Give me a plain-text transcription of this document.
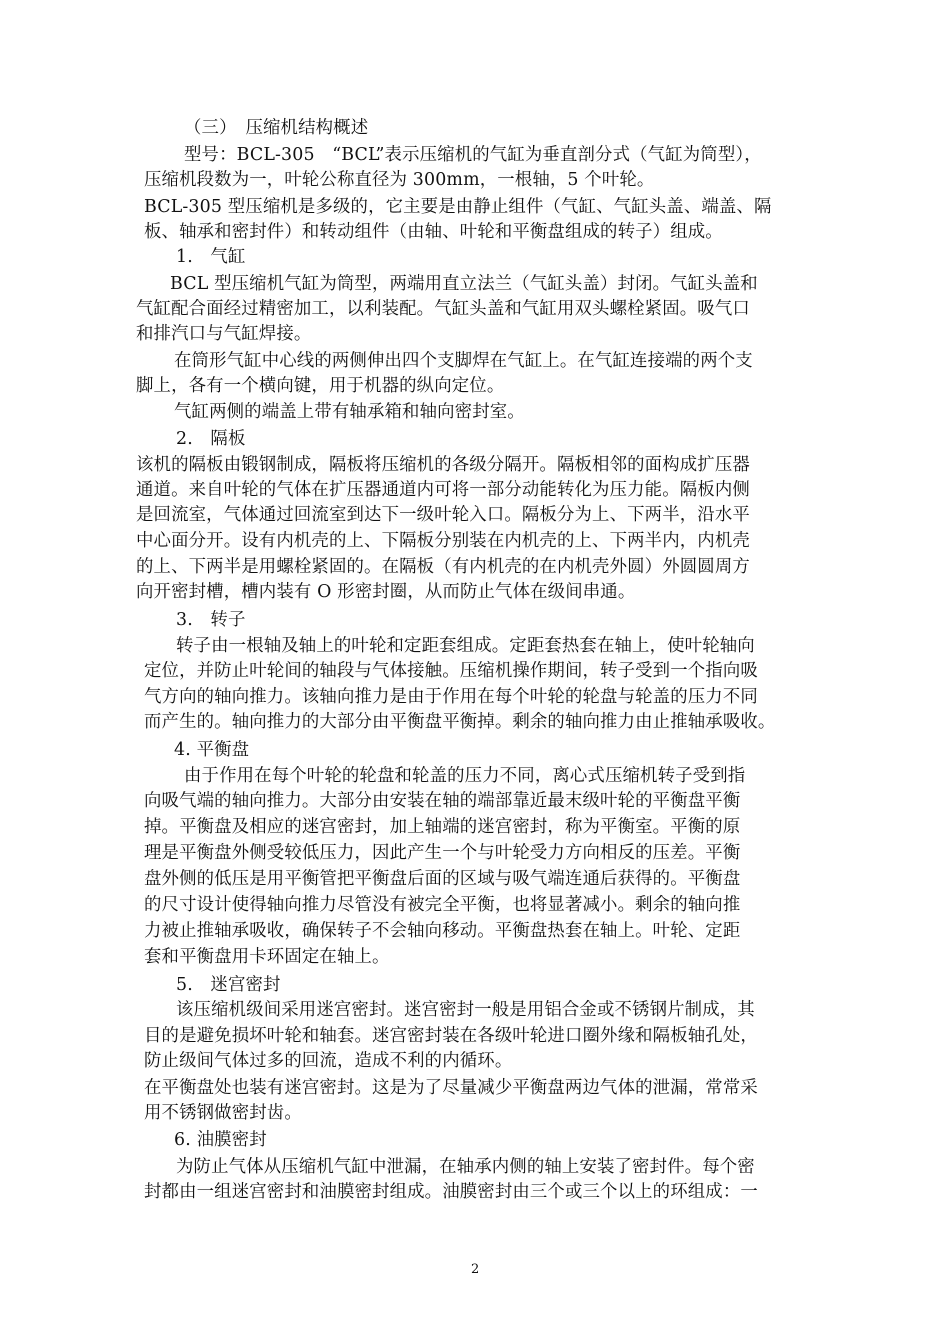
（三）　压缩机结构概述
型号：BCL-305　“BCL”表示压缩机的气缸为垂直剖分式（气缸为筒型），
压缩机段数为一，叶轮公称直径为 300mm，一根轴，5 个叶轮。
BCL-305 型压缩机是多级的，它主要是由静止组件（气缸、气缸头盖、端盖、隔
板、轴承和密封件）和转动组件（由轴、叶轮和平衡盘组成的转子）组成。
1.　气缸
BCL 型压缩机气缸为筒型，两端用直立法兰（气缸头盖）封闭。气缸头盖和
气缸配合面经过精密加工，以利装配。气缸头盖和气缸用双头螺栓紧固。吸气口
和排汽口与气缸焊接。
在筒形气缸中心线的两侧伸出四个支脚焊在气缸上。在气缸连接端的两个支
脚上，各有一个横向键，用于机器的纵向定位。
气缸两侧的端盖上带有轴承箱和轴向密封室。
2.　隔板
该机的隔板由锻钢制成，隔板将压缩机的各级分隔开。隔板相邻的面构成扩压器
通道。来自叶轮的气体在扩压器通道内可将一部分动能转化为压力能。隔板内侧
是回流室，气体通过回流室到达下一级叶轮入口。隔板分为上、下两半，沿水平
中心面分开。设有内机壳的上、下隔板分别装在内机壳的上、下两半内，内机壳
的上、下两半是用螺栓紧固的。在隔板（有内机壳的在内机壳外圆）外圆圆周方
向开密封槽，槽内装有 O 形密封圈，从而防止气体在级间串通。
3.　转子
转子由一根轴及轴上的叶轮和定距套组成。定距套热套在轴上，使叶轮轴向
定位，并防止叶轮间的轴段与气体接触。压缩机操作期间，转子受到一个指向吸
气方向的轴向推力。该轴向推力是由于作用在每个叶轮的轮盘与轮盖的压力不同
而产生的。轴向推力的大部分由平衡盘平衡掉。剩余的轴向推力由止推轴承吸收。
4. 平衡盘
由于作用在每个叶轮的轮盘和轮盖的压力不同，离心式压缩机转子受到指
向吸气端的轴向推力。大部分由安装在轴的端部靠近最末级叶轮的平衡盘平衡
掉。平衡盘及相应的迷宫密封，加上轴端的迷宫密封，称为平衡室。平衡的原
理是平衡盘外侧受较低压力，因此产生一个与叶轮受力方向相反的压差。平衡
盘外侧的低压是用平衡管把平衡盘后面的区域与吸气端连通后获得的。平衡盘
的尺寸设计使得轴向推力尽管没有被完全平衡，也将显著减小。剩余的轴向推
力被止推轴承吸收，确保转子不会轴向移动。平衡盘热套在轴上。叶轮、定距
套和平衡盘用卡环固定在轴上。
5.　迷宫密封
该压缩机级间采用迷宫密封。迷宫密封一般是用铝合金或不锈钢片制成，其
目的是避免损坏叶轮和轴套。迷宫密封装在各级叶轮进口圈外缘和隔板轴孔处，
防止级间气体过多的回流，造成不利的内循环。
在平衡盘处也装有迷宫密封。这是为了尽量减少平衡盘两边气体的泄漏，常常采
用不锈钢做密封齿。
6. 油膜密封
为防止气体从压缩机气缸中泄漏，在轴承内侧的轴上安装了密封件。每个密
封都由一组迷宫密封和油膜密封组成。油膜密封由三个或三个以上的环组成：一
2
